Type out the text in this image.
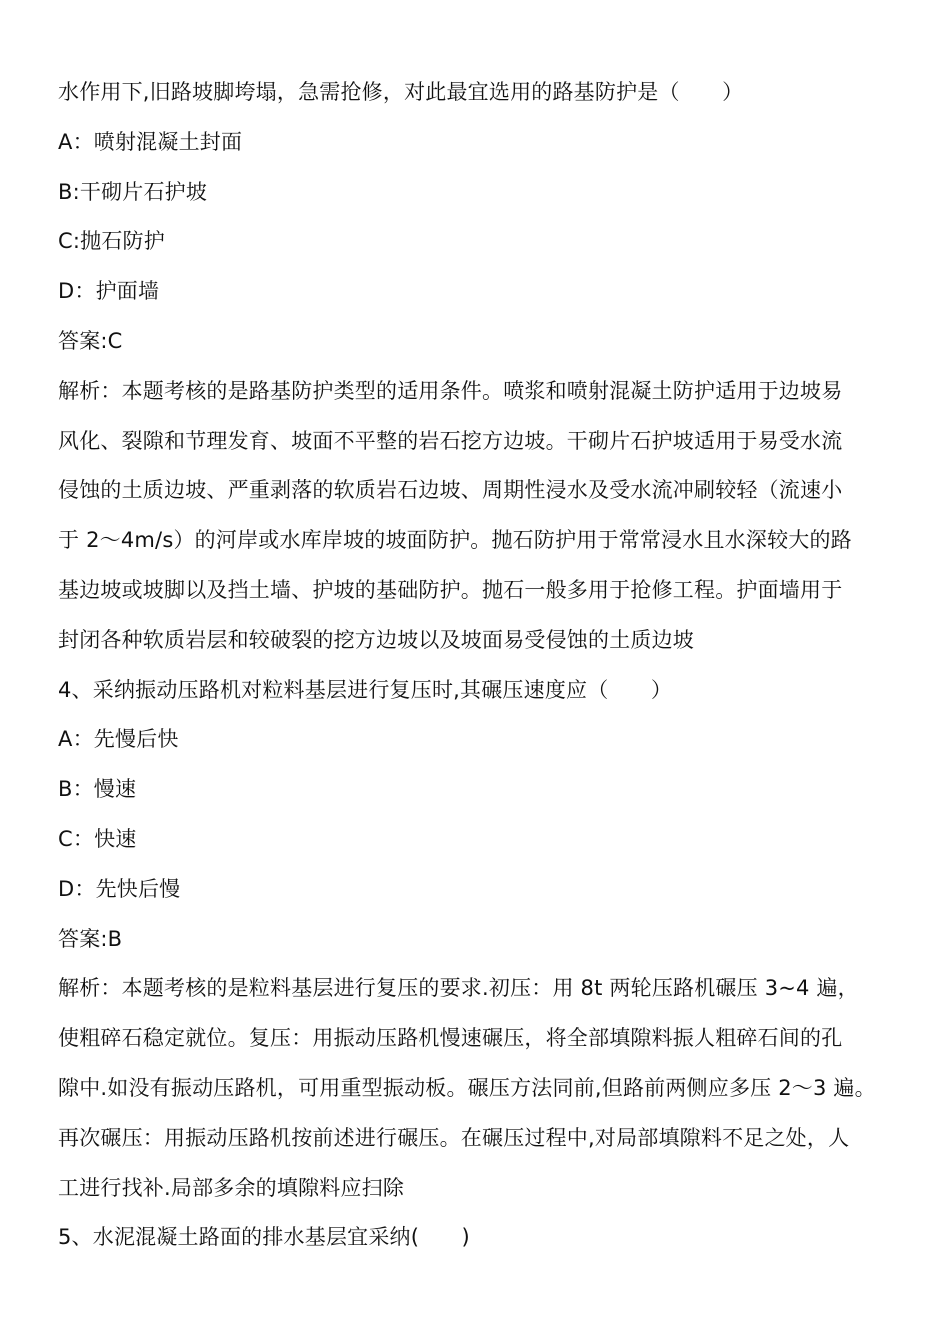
水作用下,旧路坡脚垮塌，急需抢修，对此最宜选用的路基防护是（　　）
A：喷射混凝土封面
B:干砌片石护坡
C:抛石防护
D：护面墙
答案:C
解析：本题考核的是路基防护类型的适用条件。喷浆和喷射混凝土防护适用于边坡易
风化、裂隙和节理发育、坡面不平整的岩石挖方边坡。干砌片石护坡适用于易受水流
侵蚀的土质边坡、严重剥落的软质岩石边坡、周期性浸水及受水流冲刷较轻（流速小
于 2～4m/s）的河岸或水库岸坡的坡面防护。抛石防护用于常常浸水且水深较大的路
基边坡或坡脚以及挡土墙、护坡的基础防护。抛石一般多用于抢修工程。护面墙用于
封闭各种软质岩层和较破裂的挖方边坡以及坡面易受侵蚀的土质边坡
4、采纳振动压路机对粒料基层进行复压时,其碾压速度应（　　）
A：先慢后快
B：慢速
C：快速
D：先快后慢
答案:B
解析：本题考核的是粒料基层进行复压的要求.初压：用 8t 两轮压路机碾压 3~4 遍，
使粗碎石稳定就位。复压：用振动压路机慢速碾压，将全部填隙料振人粗碎石间的孔
隙中.如没有振动压路机，可用重型振动板。碾压方法同前,但路前两侧应多压 2～3 遍。
再次碾压：用振动压路机按前述进行碾压。在碾压过程中,对局部填隙料不足之处，人
工进行找补.局部多余的填隙料应扫除
5、水泥混凝土路面的排水基层宜采纳(　　)
